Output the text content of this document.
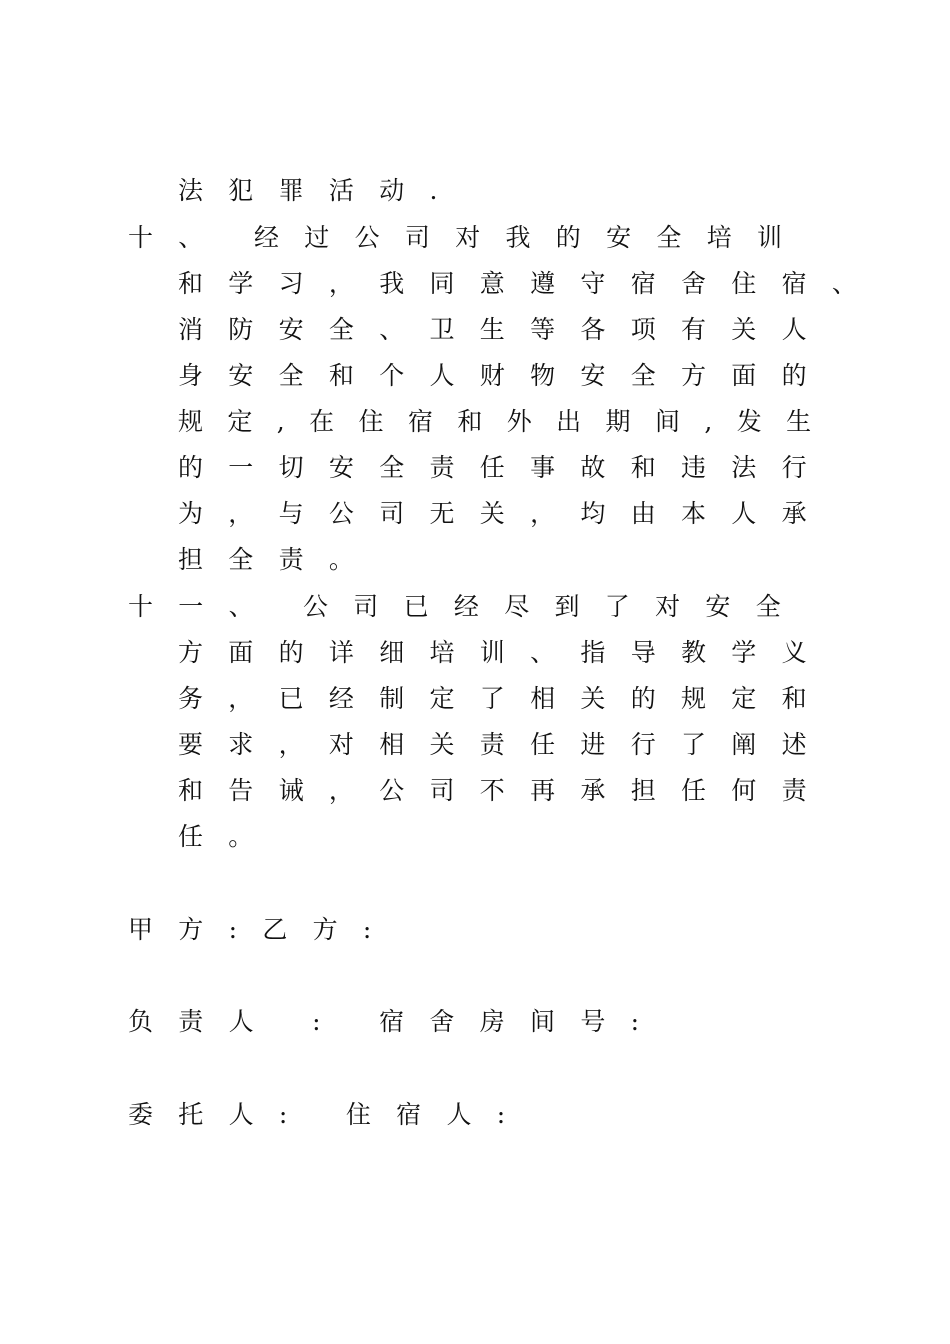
法犯罪活动.
十、 经过公司对我的安全培训
和学习，我同意遵守宿舍住宿、
消防安全、卫生等各项有关人
身安全和个人财物安全方面的
规定,在住宿和外出期间,发生
的一切安全责任事故和违法行
为，与公司无关，均由本人承
担全责。
十一、 公司已经尽到了对安全
方面的详细培训、指导教学义
务，已经制定了相关的规定和
要求，对相关责任进行了阐述
和告诫，公司不再承担任何责
任。
甲方:乙方:
负责人 : 宿舍房间号:
委托人: 住宿人:
